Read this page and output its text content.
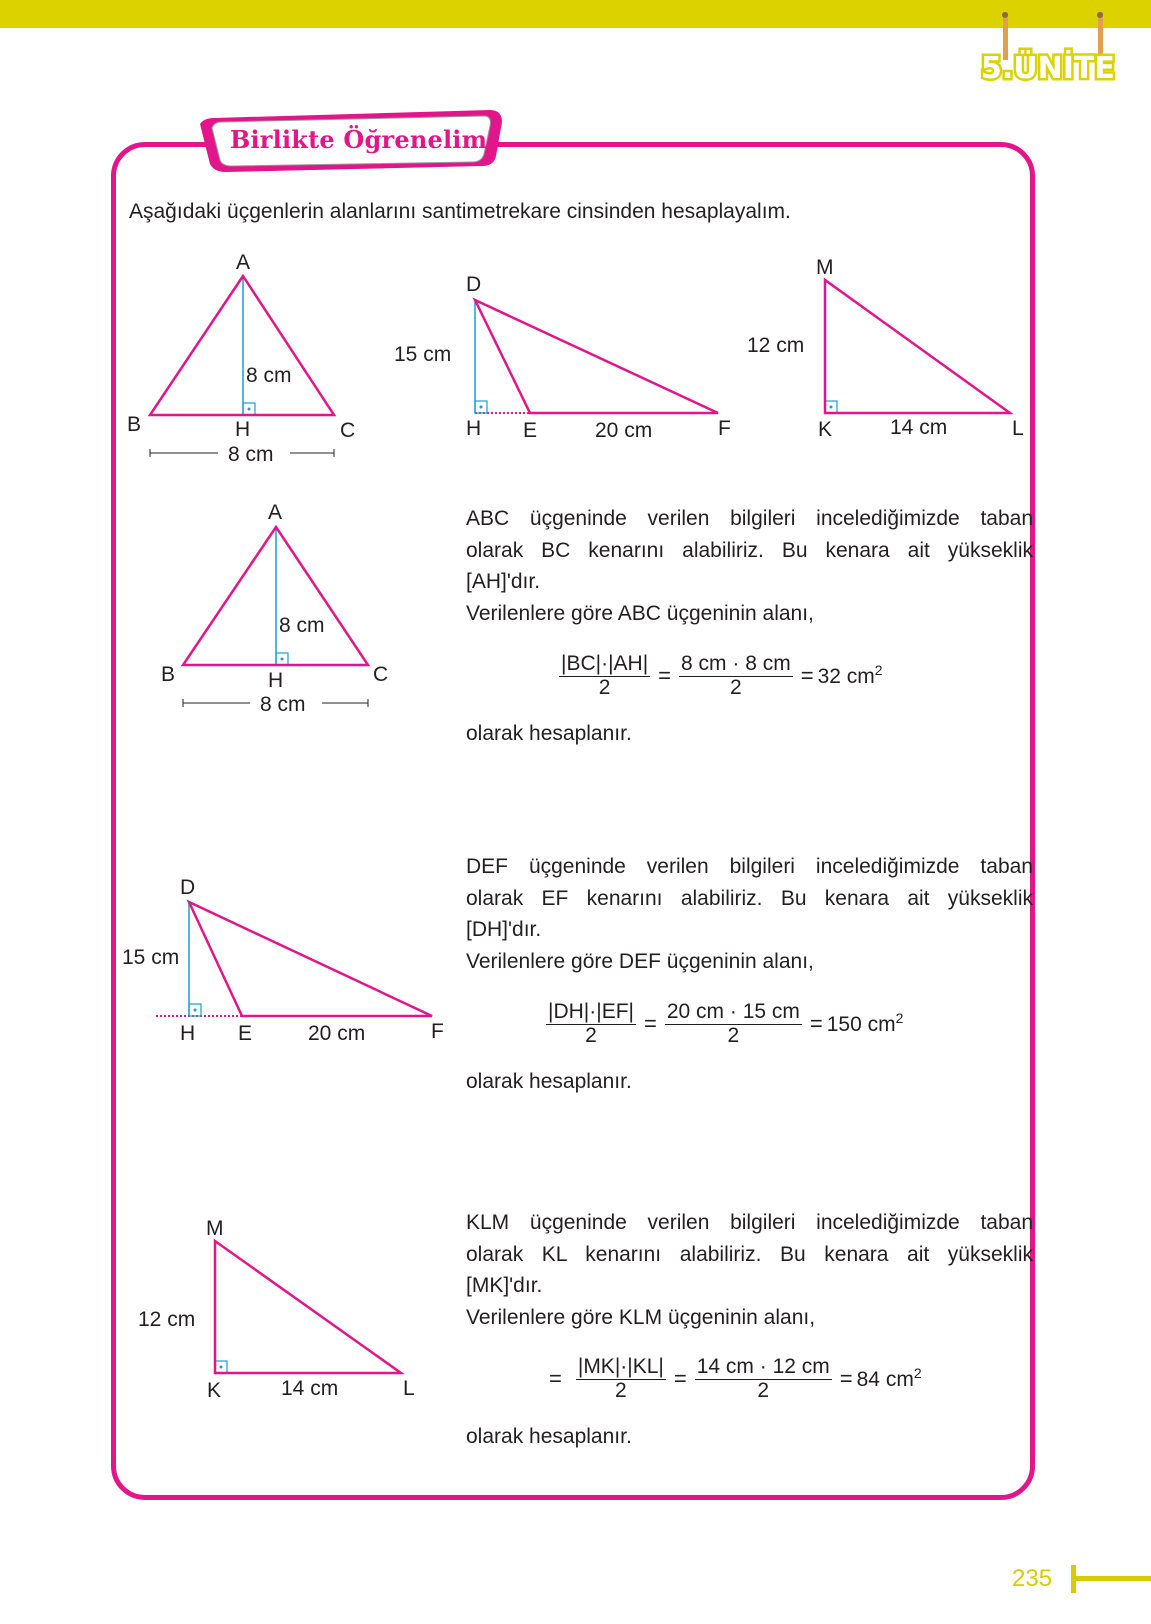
5.ÜNİTE
Birlikte Öğrenelim
Aşağıdaki üçgenlerin alanlarını santimetrekare cinsinden hesaplayalım.
A
B	C
H
8 cm
8 cm
D
H E	F
15 cm
20 cm
M
K	L
12 cm
14 cm
A
B	C
H
8 cm
8 cm

ABC üçgeninde verilen bilgileri incelediğimizde taban

olarak BC kenarını alabiliriz. Bu kenara ait yükseklik

[AH]'dır.

Verilenlere göre ABC üçgeninin alanı,

$\frac{|BC|\cdot|AH|}{2} = \frac{8 cm \cdot 8 cm}{2} = 32$ $cm^2$
olarak hesaplanır.
D
H E	F
15 cm
20 cm

DEF üçgeninde verilen bilgileri incelediğimizde taban

olarak EF kenarını alabiliriz. Bu kenara ait yükseklik

[DH]'dır.

Verilenlere göre DEF üçgeninin alanı,

$\frac{|DH|\cdot|EF|}{2} = \frac{20 cm \cdot 15 cm}{2} = 150$ $cm^2$
olarak hesaplanır.
M
K	L
12 cm
14 cm

KLM üçgeninde verilen bilgileri incelediğimizde taban

olarak KL kenarını alabiliriz. Bu kenara ait yükseklik

[MK]'dır.

Verilenlere göre KLM üçgeninin alanı,

= $\frac{|MK|\cdot|KL|}{2} = \frac{14 cm \cdot 12 cm}{2} = 84$ $cm^2$
olarak hesaplanır.
235
